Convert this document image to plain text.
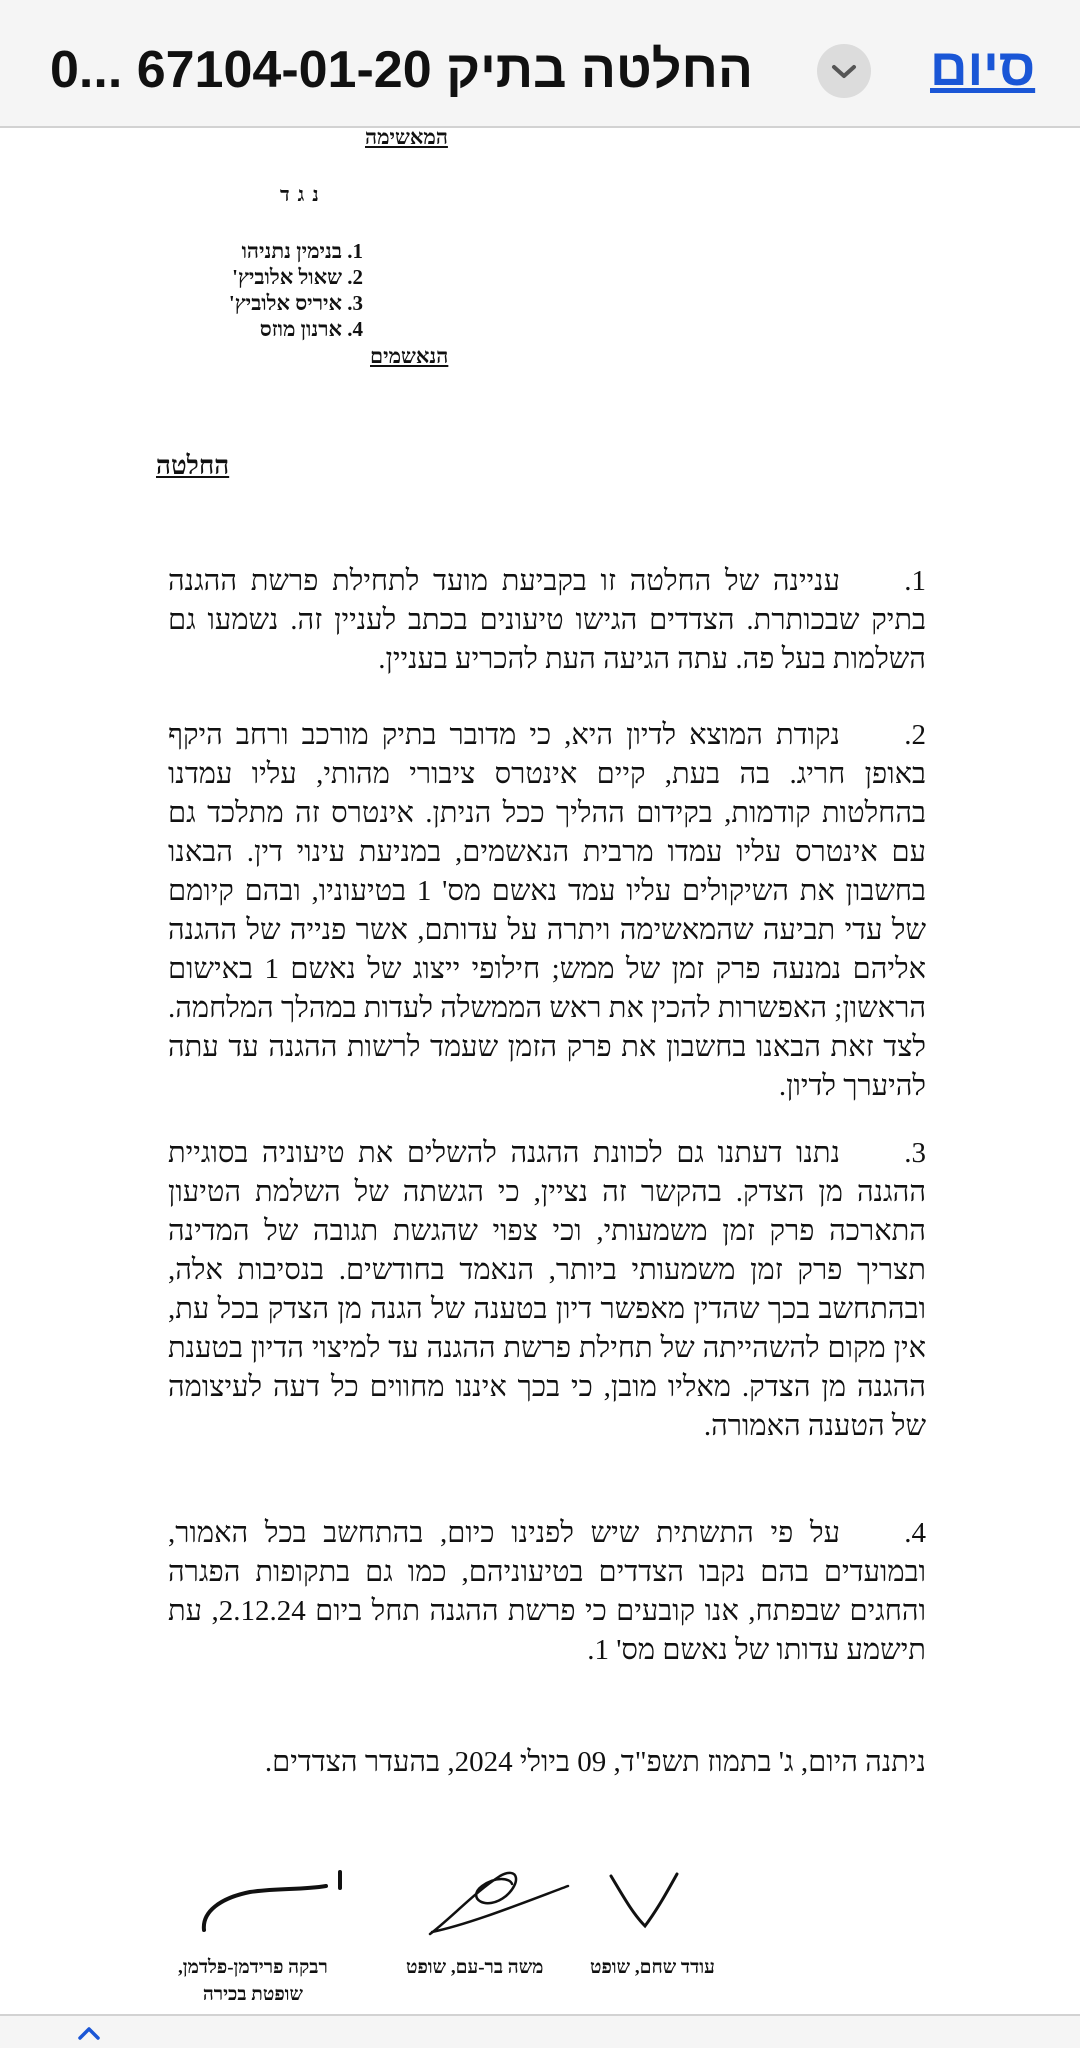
החלטה בתיק 67104-01-20 0...	סיום
המאשימה
נגד
1. בנימין נתניהו
2. שאול אלוביץ'
3. איריס אלוביץ'
4. ארנון מוזס
הנאשמים
החלטה
1.עניינה של החלטה זו בקביעת מועד לתחילת פרשת ההגנה בתיק שבכותרת. הצדדים הגישו טיעונים בכתב לעניין זה. נשמעו גם השלמות בעל פה. עתה הגיעה העת להכריע בעניין.
2.נקודת המוצא לדיון היא, כי מדובר בתיק מורכב ורחב היקף באופן חריג. בה בעת, קיים אינטרס ציבורי מהותי, עליו עמדנו בהחלטות קודמות, בקידום ההליך ככל הניתן. אינטרס זה מתלכד גם עם אינטרס עליו עמדו מרבית הנאשמים, במניעת עינוי דין. הבאנו בחשבון את השיקולים עליו עמד נאשם מס' 1 בטיעוניו, ובהם קיומם של עדי תביעה שהמאשימה ויתרה על עדותם, אשר פנייה של ההגנה אליהם נמנעה פרק זמן של ממש; חילופי ייצוג של נאשם 1 באישום הראשון; האפשרות להכין את ראש הממשלה לעדות במהלך המלחמה. לצד זאת הבאנו בחשבון את פרק הזמן שעמד לרשות ההגנה עד עתה להיערך לדיון.
3.נתנו דעתנו גם לכוונת ההגנה להשלים את טיעוניה בסוגיית ההגנה מן הצדק. בהקשר זה נציין, כי הגשתה של השלמת הטיעון התארכה פרק זמן משמעותי, וכי צפוי שהגשת תגובה של המדינה תצריך פרק זמן משמעותי ביותר, הנאמד בחודשים. בנסיבות אלה, ובהתחשב בכך שהדין מאפשר דיון בטענה של הגנה מן הצדק בכל עת, אין מקום להשהייתה של תחילת פרשת ההגנה עד למיצוי הדיון בטענת ההגנה מן הצדק. מאליו מובן, כי בכך איננו מחווים כל דעה לעיצומה של הטענה האמורה.
4.על פי התשתית שיש לפנינו כיום, בהתחשב בכל האמור, ובמועדים בהם נקבו הצדדים בטיעוניהם, כמו גם בתקופות הפגרה והחגים שבפתח, אנו קובעים כי פרשת ההגנה תחל ביום 2.12.24, עת תישמע עדותו של נאשם מס' 1.
ניתנה היום, ג' בתמוז תשפ"ד, 09 ביולי 2024, בהעדר הצדדים.
עודד שחם, שופט
משה בר-עם, שופט
רבקה פרידמן-פלדמן,
שופטת בכירה
